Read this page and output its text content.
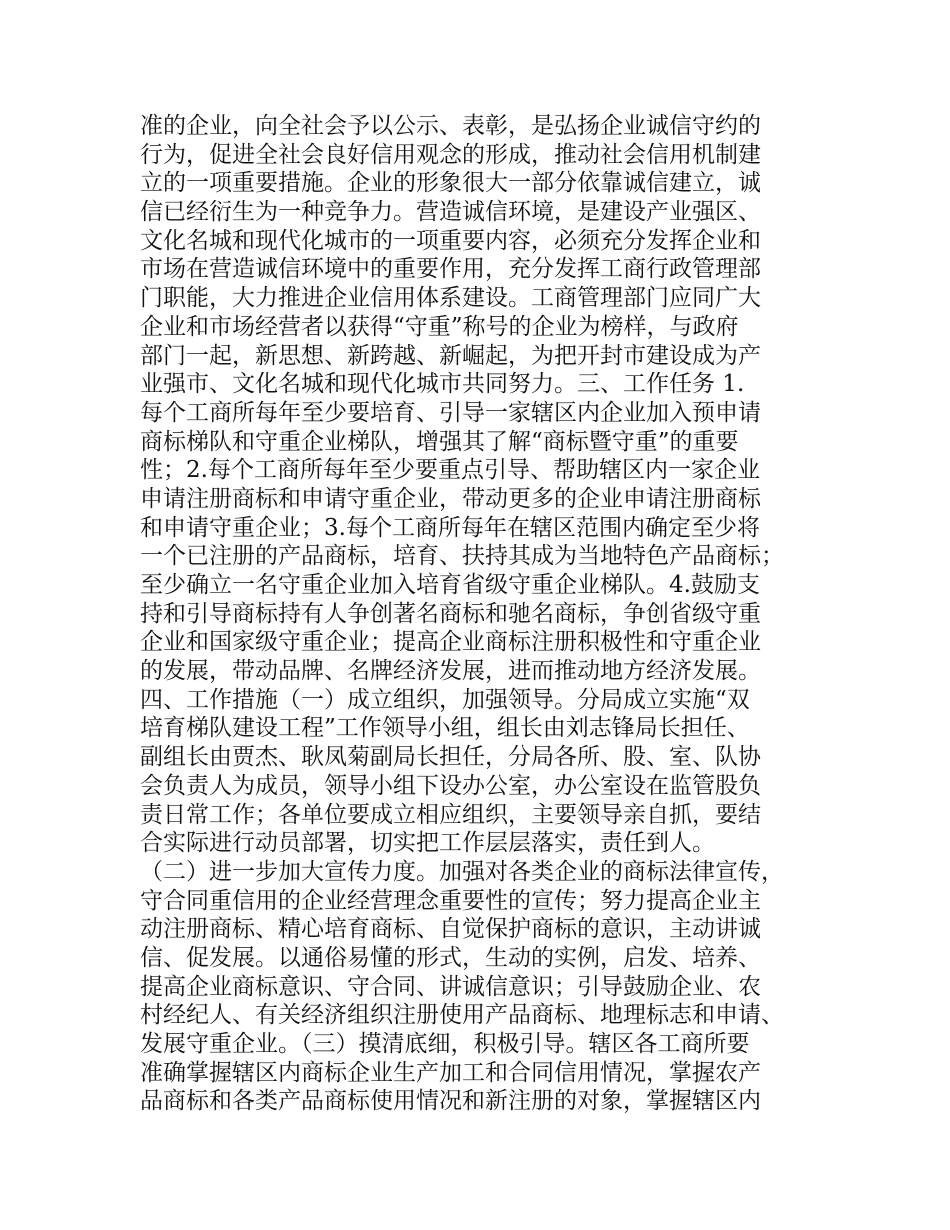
准的企业，向全社会予以公示、表彰，是弘扬企业诚信守约的
行为，促进全社会良好信用观念的形成，推动社会信用机制建
立的一项重要措施。企业的形象很大一部分依靠诚信建立，诚
信已经衍生为一种竞争力。营造诚信环境，是建设产业强区、
文化名城和现代化城市的一项重要内容，必须充分发挥企业和
市场在营造诚信环境中的重要作用，充分发挥工商行政管理部
门职能，大力推进企业信用体系建设。工商管理部门应同广大
企业和市场经营者以获得“守重”称号的企业为榜样，与政府
部门一起，新思想、新跨越、新崛起，为把开封市建设成为产
业强市、文化名城和现代化城市共同努力。三、工作任务 1.
每个工商所每年至少要培育、引导一家辖区内企业加入预申请
商标梯队和守重企业梯队，增强其了解“商标暨守重”的重要
性；2.每个工商所每年至少要重点引导、帮助辖区内一家企业
申请注册商标和申请守重企业，带动更多的企业申请注册商标
和申请守重企业；3.每个工商所每年在辖区范围内确定至少将
一个已注册的产品商标，培育、扶持其成为当地特色产品商标；
至少确立一名守重企业加入培育省级守重企业梯队。4.鼓励支
持和引导商标持有人争创著名商标和驰名商标，争创省级守重
企业和国家级守重企业；提高企业商标注册积极性和守重企业
的发展，带动品牌、名牌经济发展，进而推动地方经济发展。
四、工作措施（一）成立组织，加强领导。分局成立实施“双
培育梯队建设工程”工作领导小组，组长由刘志锋局长担任、
副组长由贾杰、耿凤菊副局长担任，分局各所、股、室、队协
会负责人为成员，领导小组下设办公室，办公室设在监管股负
责日常工作；各单位要成立相应组织，主要领导亲自抓，要结
合实际进行动员部署，切实把工作层层落实，责任到人。
（二）进一步加大宣传力度。加强对各类企业的商标法律宣传，
守合同重信用的企业经营理念重要性的宣传；努力提高企业主
动注册商标、精心培育商标、自觉保护商标的意识，主动讲诚
信、促发展。以通俗易懂的形式，生动的实例，启发、培养、
提高企业商标意识、守合同、讲诚信意识；引导鼓励企业、农
村经纪人、有关经济组织注册使用产品商标、地理标志和申请、
发展守重企业。（三）摸清底细，积极引导。辖区各工商所要
准确掌握辖区内商标企业生产加工和合同信用情况，掌握农产
品商标和各类产品商标使用情况和新注册的对象，掌握辖区内
